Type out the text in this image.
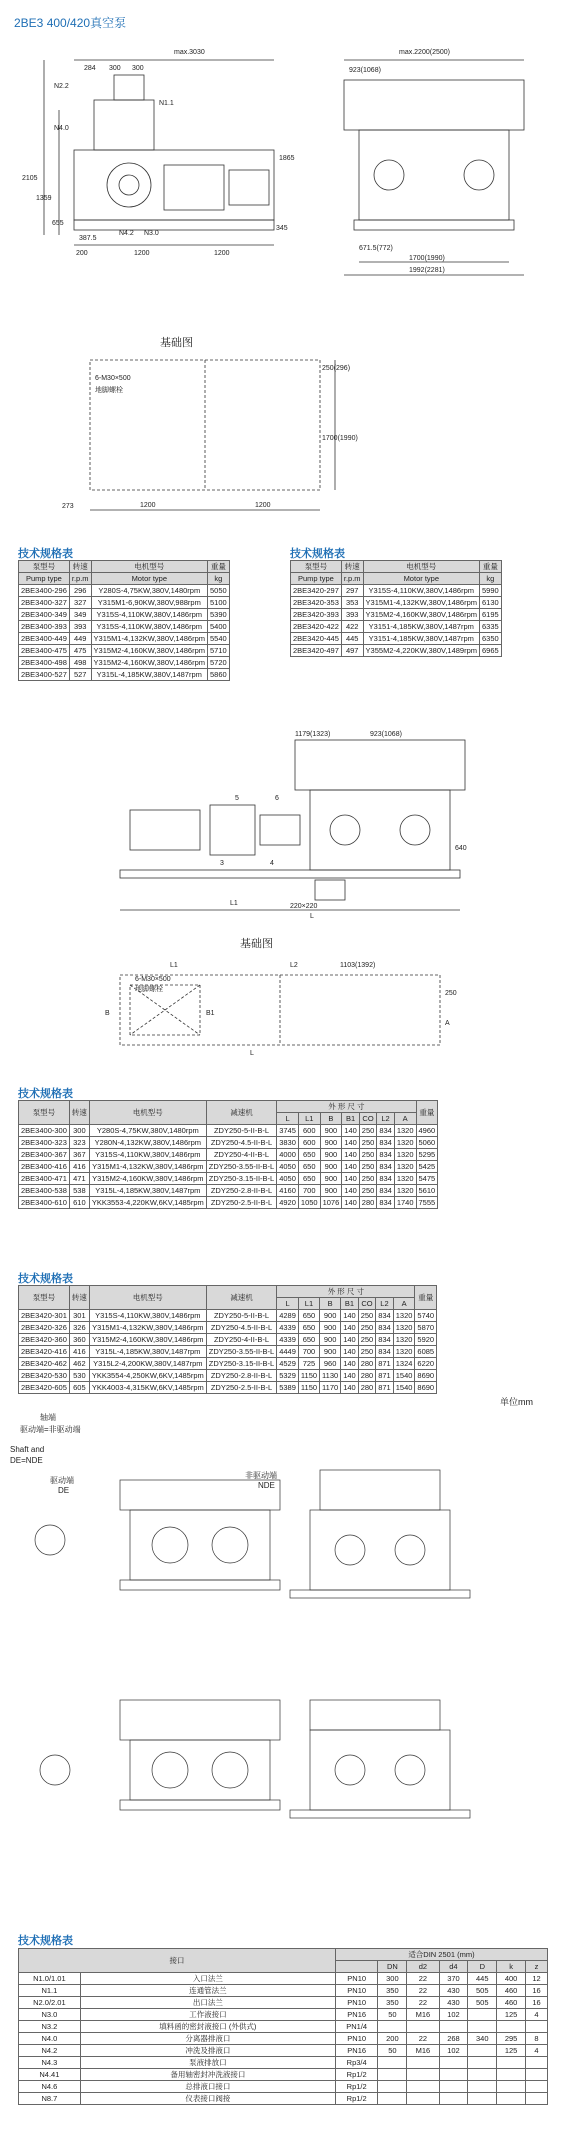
2BE3 400/420真空泵
max.3030
284 300 300
N2.2
N1.1
N4.0
2105
1865
1359
655
387.5
N4.2 N3.0
345
200	1200	1200
max.2200(2500)
923(1068)
671.5(772)
1700(1990)
1992(2281)
基础图
6-M30×500
地脚螺栓
273	1200	1200
1700(1990)
250(296)
技术规格表	技术规格表
泵型号	转速	电机型号	重量
Pump type	r.p.m	Motor type	kg
2BE3400-296	296	Y280S-4,75KW,380V,1480rpm	5050
2BE3400-327	327	Y315M1-6,90KW,380V,988rpm	5100
2BE3400-349	349	Y315S-4,110KW,380V,1486rpm	5390
2BE3400-393	393	Y315S-4,110KW,380V,1486rpm	5400
2BE3400-449	449	Y315M1-4,132KW,380V,1486rpm	5540
2BE3400-475	475	Y315M2-4,160KW,380V,1486rpm	5710
2BE3400-498	498	Y315M2-4,160KW,380V,1486rpm	5720
2BE3400-527	527	Y315L-4,185KW,380V,1487rpm	5860
泵型号	转速	电机型号	重量
Pump type	r.p.m	Motor type	kg
2BE3420-297	297	Y315S-4,110KW,380V,1486rpm	5990
2BE3420-353	353	Y315M1-4,132KW,380V,1486rpm	6130
2BE3420-393	393	Y315M2-4,160KW,380V,1486rpm	6195
2BE3420-422	422	Y3151-4,185KW,380V,1487rpm	6335
2BE3420-445	445	Y3151-4,185KW,380V,1487rpm	6350
2BE3420-497	497	Y355M2-4,220KW,380V,1489rpm	6965
1179(1323)	923(1068)
5	6
3	4
L1
L
640
220×220
基础图
L1
L
L2	1103(1392)
6-M30×500
地脚螺栓
B	B1
250
A
技术规格表
泵型号	转速	电机型号	减速机	外 形 尺 寸							重量
				L	L1	B	B1	CO	L2	A	
2BE3400-300	300	Y280S-4,75KW,380V,1480rpm	ZDY250-5-II-B-L	3745	600	900	140	250	834	1320	4960
2BE3400-323	323	Y280N-4,132KW,380V,1486rpm	ZDY250-4.5-II-B-L	3830	600	900	140	250	834	1320	5060
2BE3400-367	367	Y315S-4,110KW,380V,1486rpm	ZDY250-4-II-B-L	4000	650	900	140	250	834	1320	5295
2BE3400-416	416	Y315M1-4,132KW,380V,1486rpm	ZDY250-3.55-II-B-L	4050	650	900	140	250	834	1320	5425
2BE3400-471	471	Y315M2-4,160KW,380V,1486rpm	ZDY250-3.15-II-B-L	4050	650	900	140	250	834	1320	5475
2BE3400-538	538	Y315L-4,185KW,380V,1487rpm	ZDY250-2.8-II-B-L	4160	700	900	140	250	834	1320	5610
2BE3400-610	610	YKK3553-4,220KW,6KV,1485rpm	ZDY250-2.5-II-B-L	4920	1050	1076	140	280	834	1740	7555
技术规格表
泵型号	转速	电机型号	减速机	外 形 尺 寸							重量
				L	L1	B	B1	CO	L2	A	
2BE3420-301	301	Y315S-4,110KW,380V,1486rpm	ZDY250-5-II-B-L	4289	650	900	140	250	834	1320	5740
2BE3420-326	326	Y315M1-4,132KW,380V,1486rpm	ZDY250-4.5-II-B-L	4339	650	900	140	250	834	1320	5870
2BE3420-360	360	Y315M2-4,160KW,380V,1486rpm	ZDY250-4-II-B-L	4339	650	900	140	250	834	1320	5920
2BE3420-416	416	Y315L-4,185KW,380V,1487rpm	ZDY250-3.55-II-B-L	4449	700	900	140	250	834	1320	6085
2BE3420-462	462	Y315L2-4,200KW,380V,1487rpm	ZDY250-3.15-II-B-L	4529	725	960	140	280	871	1324	6220
2BE3420-530	530	YKK3554-4,250KW,6KV,1485rpm	ZDY250-2.8-II-B-L	5329	1150	1130	140	280	871	1540	8690
2BE3420-605	605	YKK4003-4,315KW,6KV,1485rpm	ZDY250-2.5-II-B-L	5389	1150	1170	140	280	871	1540	8690
单位mm
轴端
驱动端=非驱动端
Shaft and
DE=NDE
驱动端
DE
非驱动端
NDE
技术规格表
接口		适合DIN 2501 (mm)						
			DN	d2	d4	D	k	z
N1.0/1.01	入口法兰	PN10	300	22	370	445	400	12
N1.1	连通管法兰	PN10	350	22	430	505	460	16
N2.0/2.01	出口法兰	PN10	350	22	430	505	460	16
N3.0	工作液接口	PN16	50	M16	102		125	4
N3.2	填料函的密封液接口 (外供式)	PN1/4						
N4.0	分离器排液口	PN10	200	22	268	340	295	8
N4.2	冲洗及排液口	PN16	50	M16	102		125	4
N4.3	泵液排放口	Rp3/4						
N4.41	备用轴密封冲洗液接口	Rp1/2						
N4.6	总排液口接口	Rp1/2						
N8.7	仪表接口阀接	Rp1/2						
